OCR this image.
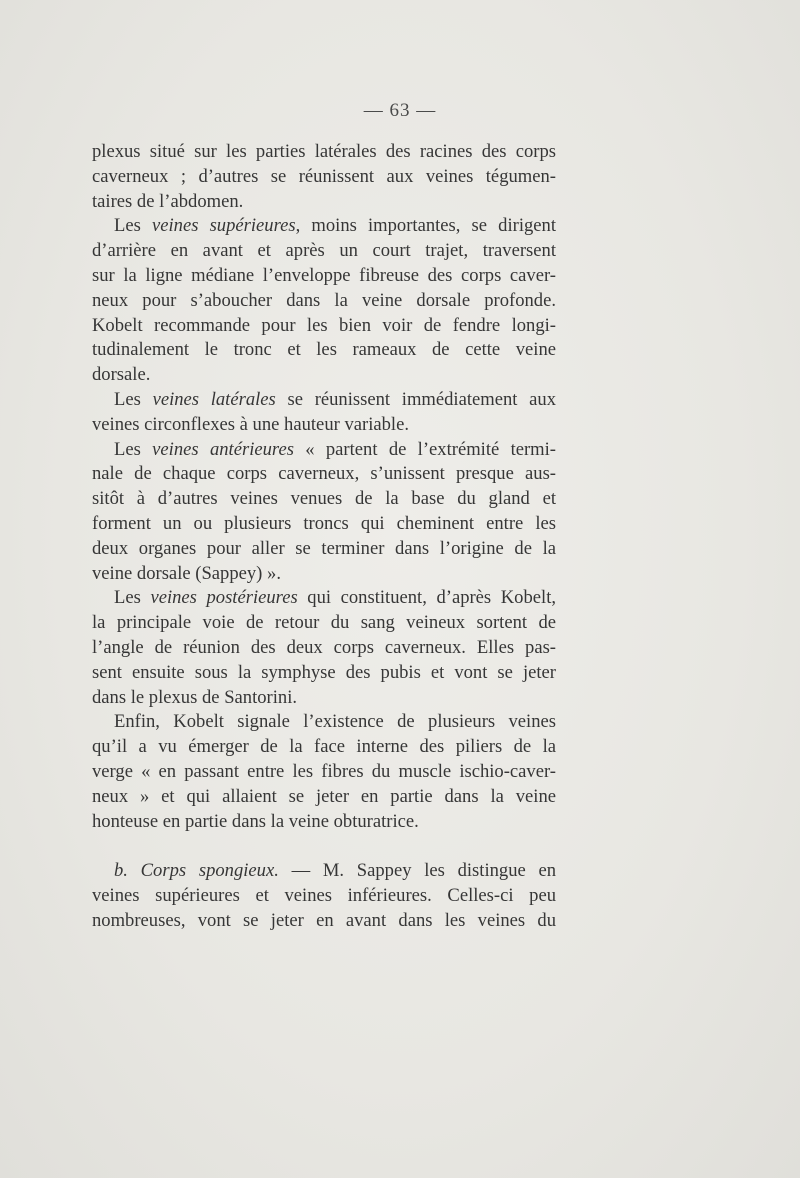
— 63 —
plexus situé sur les parties latérales des racines des corps
caverneux ; d’autres se réunissent aux veines tégumen-
taires de l’abdomen.
Les veines supérieures, moins importantes, se dirigent
d’arrière en avant et après un court trajet, traversent
sur la ligne médiane l’enveloppe fibreuse des corps caver-
neux pour s’aboucher dans la veine dorsale profonde.
Kobelt recommande pour les bien voir de fendre longi-
tudinalement le tronc et les rameaux de cette veine
dorsale.
Les veines latérales se réunissent immédiatement aux
veines circonflexes à une hauteur variable.
Les veines antérieures « partent de l’extrémité termi-
nale de chaque corps caverneux, s’unissent presque aus-
sitôt à d’autres veines venues de la base du gland et
forment un ou plusieurs troncs qui cheminent entre les
deux organes pour aller se terminer dans l’origine de la
veine dorsale (Sappey) ».
Les veines postérieures qui constituent, d’après Kobelt,
la principale voie de retour du sang veineux sortent de
l’angle de réunion des deux corps caverneux. Elles pas-
sent ensuite sous la symphyse des pubis et vont se jeter
dans le plexus de Santorini.
Enfin, Kobelt signale l’existence de plusieurs veines
qu’il a vu émerger de la face interne des piliers de la
verge « en passant entre les fibres du muscle ischio-caver-
neux » et qui allaient se jeter en partie dans la veine
honteuse en partie dans la veine obturatrice.
b. Corps spongieux. — M. Sappey les distingue en
veines supérieures et veines inférieures. Celles-ci peu
nombreuses, vont se jeter en avant dans les veines du
